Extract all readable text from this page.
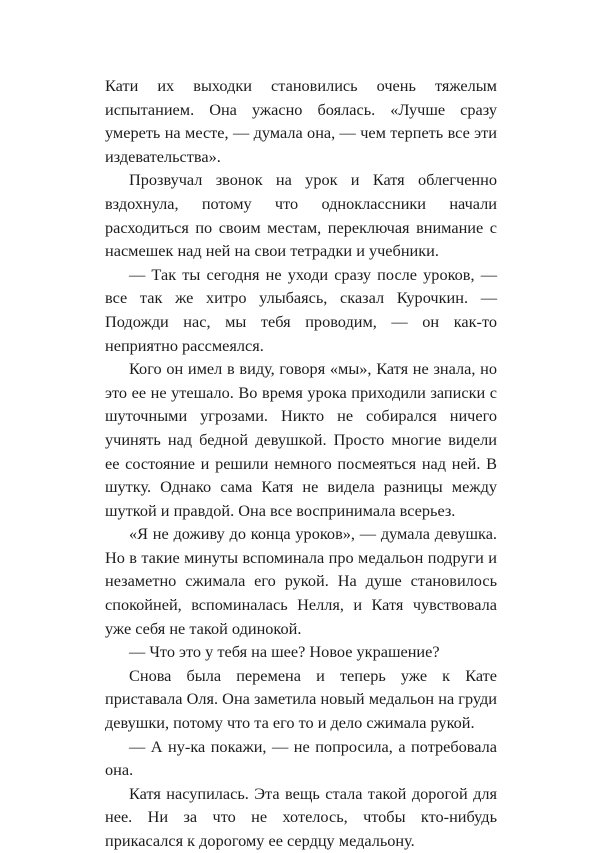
Кати их выходки становились очень тяжелым испытанием. Она ужасно боялась. «Лучше сразу умереть на месте, — думала она, — чем терпеть все эти издевательства».

Прозвучал звонок на урок и Катя облегченно вздохнула, потому что одноклассники начали расходиться по своим местам, переключая внимание с насмешек над ней на свои тетрадки и учебники.

— Так ты сегодня не уходи сразу после уроков, — все так же хитро улыбаясь, сказал Курочкин. — Подожди нас, мы тебя проводим, — он как-то неприятно рассмеялся.

Кого он имел в виду, говоря «мы», Катя не знала, но это ее не утешало. Во время урока приходили записки с шуточными угрозами. Никто не собирался ничего учинять над бедной девушкой. Просто многие видели ее состояние и решили немного посмеяться над ней. В шутку. Однако сама Катя не видела разницы между шуткой и правдой. Она все воспринимала всерьез.

«Я не доживу до конца уроков», — думала девушка. Но в такие минуты вспоминала про медальон подруги и незаметно сжимала его рукой. На душе становилось спокойней, вспоминалась Нелля, и Катя чувствовала уже себя не такой одинокой.

— Что это у тебя на шее? Новое украшение?

Снова была перемена и теперь уже к Кате приставала Оля. Она заметила новый медальон на груди девушки, потому что та его то и дело сжимала рукой.

— А ну-ка покажи, — не попросила, а потребовала она.

Катя насупилась. Эта вещь стала такой дорогой для нее. Ни за что не хотелось, чтобы кто-нибудь прикасался к дорогому ее сердцу медальону.
